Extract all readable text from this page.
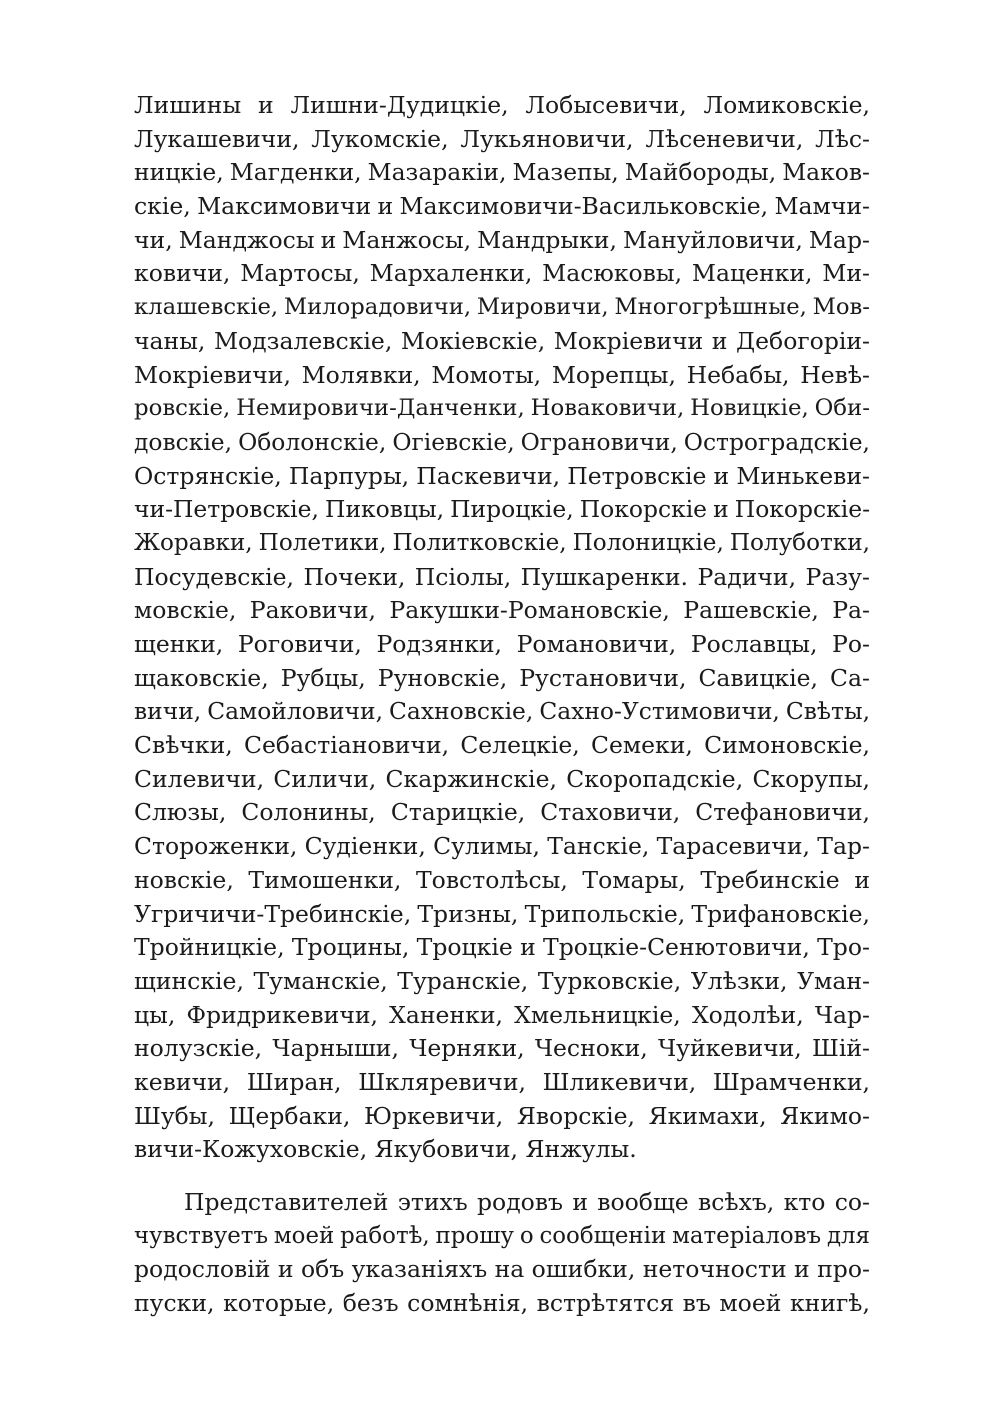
Лишины и Лишни-Дудицкіе, Лобысевичи, Ломиковскіе,
Лукашевичи, Лукомскіе, Лукьяновичи, Лѣсеневичи, Лѣс-
ницкіе, Магденки, Мазаракіи, Мазепы, Майбороды, Маков-
скіе, Максимовичи и Максимовичи-Васильковскіе, Мамчи-
чи, Манджосы и Манжосы, Мандрыки, Мануйловичи, Мар-
ковичи, Мартосы, Мархаленки, Масюковы, Маценки, Ми-
клашевскіе, Милорадовичи, Мировичи, Многогрѣшные, Мов-
чаны, Модзалевскіе, Мокіевскіе, Мокріевичи и Дебогоріи-
Мокріевичи, Молявки, Момоты, Морепцы, Небабы, Невѣ-
ровскіе, Немировичи-Данченки, Новаковичи, Новицкіе, Оби-
довскіе, Оболонскіе, Огіевскіе, Ограновичи, Остроградскіе,
Острянскіе, Парпуры, Паскевичи, Петровскіе и Минькеви-
чи-Петровскіе, Пиковцы, Пироцкіе, Покорскіе и Покорскіе-
Жоравки, Полетики, Политковскіе, Полоницкіе, Полуботки,
Посудевскіе, Почеки, Псіолы, Пушкаренки. Радичи, Разу-
мовскіе, Раковичи, Ракушки-Романовскіе, Рашевскіе, Ра-
щенки, Роговичи, Родзянки, Романовичи, Рославцы, Ро-
щаковскіе, Рубцы, Руновскіе, Рустановичи, Савицкіе, Са-
вичи, Самойловичи, Сахновскіе, Сахно-Устимовичи, Свѣты,
Свѣчки, Себастіановичи, Селецкіе, Семеки, Симоновскіе,
Силевичи, Силичи, Скаржинскіе, Скоропадскіе, Скорупы,
Слюзы, Солонины, Старицкіе, Стаховичи, Стефановичи,
Стороженки, Судіенки, Сулимы, Танскіе, Тарасевичи, Тар-
новскіе, Тимошенки, Товстолѣсы, Томары, Требинскіе и
Угричичи-Требинскіе, Тризны, Трипольскіе, Трифановскіе,
Тройницкіе, Троцины, Троцкіе и Троцкіе-Сенютовичи, Тро-
щинскіе, Туманскіе, Туранскіе, Турковскіе, Улѣзки, Уман-
цы, Фридрикевичи, Ханенки, Хмельницкіе, Ходолѣи, Чар-
нолузскіе, Чарныши, Черняки, Чесноки, Чуйкевичи, Шій-
кевичи, Ширан, Шкляревичи, Шликевичи, Шрамченки,
Шубы, Щербаки, Юркевичи, Яворскіе, Якимахи, Якимо-
вичи-Кожуховскіе, Якубовичи, Янжулы.
Представителей этихъ родовъ и вообще всѣхъ, кто со-
чувствуетъ моей работѣ, прошу о сообщеніи матеріаловъ для
родословій и объ указаніяхъ на ошибки, неточности и про-
пуски, которые, безъ сомнѣнія, встрѣтятся въ моей книгѣ,
